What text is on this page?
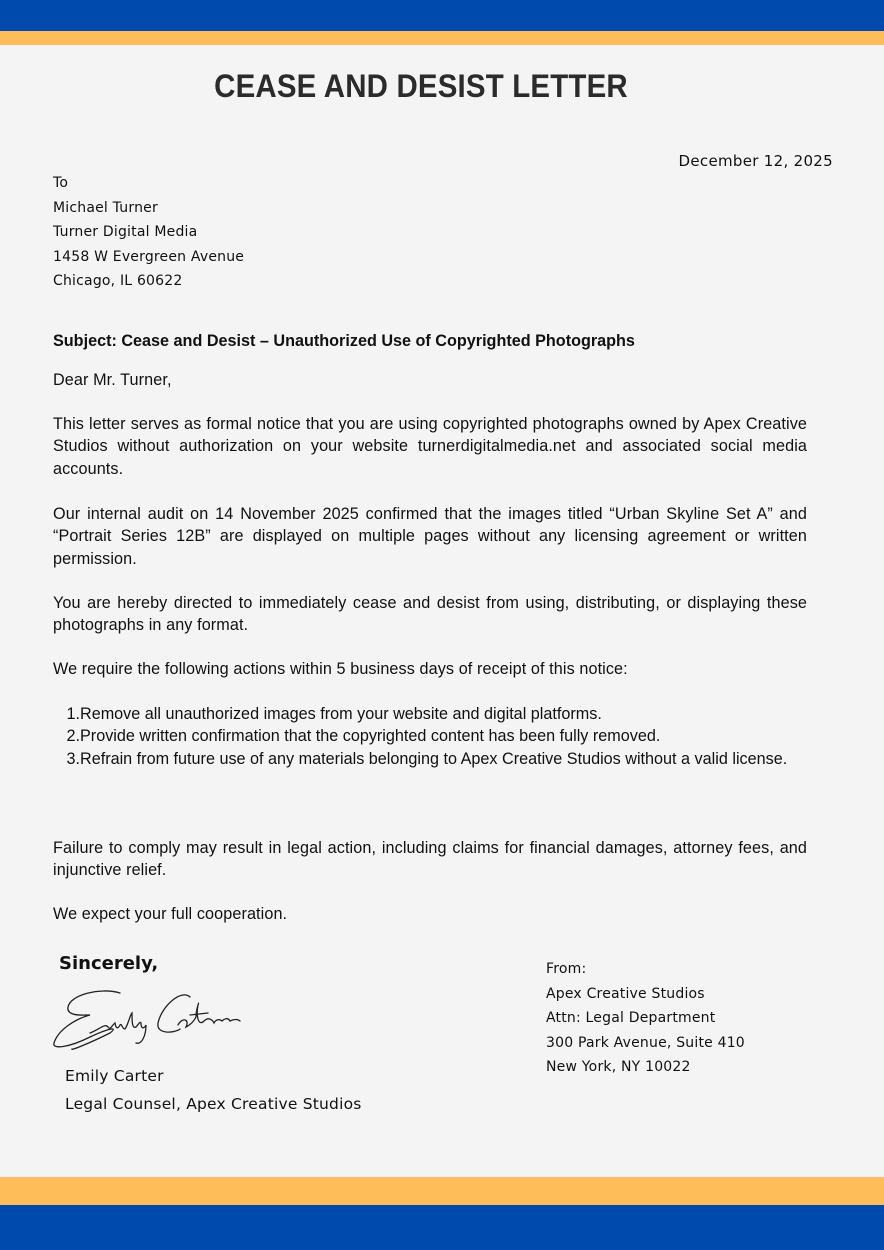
CEASE AND DESIST LETTER
December 12, 2025
To
Michael Turner
Turner Digital Media
1458 W Evergreen Avenue
Chicago, IL 60622
Subject: Cease and Desist – Unauthorized Use of Copyrighted Photographs
Dear Mr. Turner,
This letter serves as formal notice that you are using copyrighted photographs owned by Apex Creative Studios without authorization on your website turnerdigitalmedia.net and associated social media accounts.
Our internal audit on 14 November 2025 confirmed that the images titled “Urban Skyline Set A” and “Portrait Series 12B” are displayed on multiple pages without any licensing agreement or written permission.
You are hereby directed to immediately cease and desist from using, distributing, or displaying these photographs in any format.
We require the following actions within 5 business days of receipt of this notice:
1. Remove all unauthorized images from your website and digital platforms.
2. Provide written confirmation that the copyrighted content has been fully removed.
3. Refrain from future use of any materials belonging to Apex Creative Studios without a valid license.
Failure to comply may result in legal action, including claims for financial damages, attorney fees, and injunctive relief.
We expect your full cooperation.
Sincerely,
Emily Carter
Legal Counsel, Apex Creative Studios
From:
Apex Creative Studios
Attn: Legal Department
300 Park Avenue, Suite 410
New York, NY 10022
